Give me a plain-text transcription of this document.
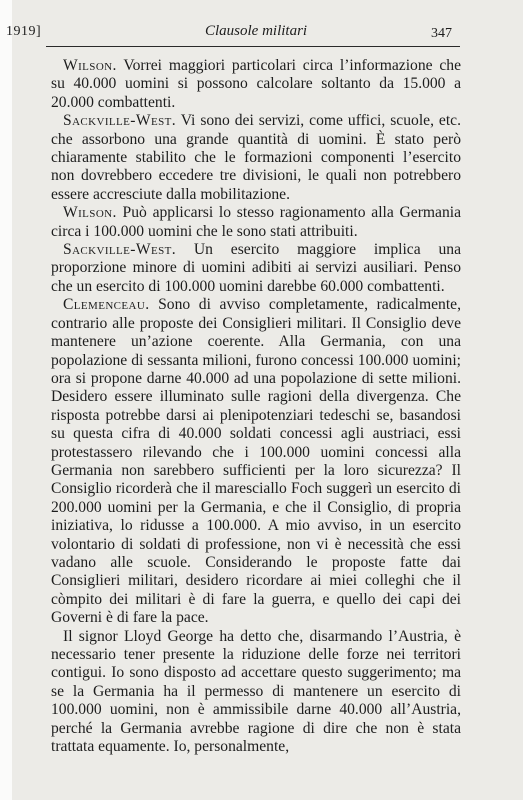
1919]	Clausole militari	347

Wilson. Vorrei maggiori particolari circa l’informazione che su 40.000 uomini si possono calcolare soltanto da 15.000 a 20.000 combattenti.

Sackville-West. Vi sono dei servizi, come uffici, scuole, etc. che assorbono una grande quantità di uomini. È stato però chiaramente stabilito che le formazioni componenti l’esercito non dovrebbero eccedere tre divisioni, le quali non potrebbero essere accresciute dalla mobilitazione.

Wilson. Può applicarsi lo stesso ragionamento alla Germania circa i 100.000 uomini che le sono stati attribuiti.

Sackville-West. Un esercito maggiore implica una proporzione minore di uomini adibiti ai servizi ausiliari. Penso che un esercito di 100.000 uomini darebbe 60.000 combattenti.

Clemenceau. Sono di avviso completamente, radicalmente, contrario alle proposte dei Consiglieri militari. Il Consiglio deve mantenere un’azione coerente. Alla Germania, con una popolazione di sessanta milioni, furono concessi 100.000 uomini; ora si propone darne 40.000 ad una popolazione di sette milioni. Desidero essere illuminato sulle ragioni della divergenza. Che risposta potrebbe darsi ai plenipotenziari tedeschi se, basandosi su questa cifra di 40.000 soldati concessi agli austriaci, essi protestassero rilevando che i 100.000 uomini concessi alla Germania non sarebbero sufficienti per la loro sicurezza? Il Consiglio ricorderà che il maresciallo Foch suggerì un esercito di 200.000 uomini per la Germania, e che il Consiglio, di propria iniziativa, lo ridusse a 100.000. A mio avviso, in un esercito volontario di soldati di professione, non vi è necessità che essi vadano alle scuole. Considerando le proposte fatte dai Consiglieri militari, desidero ricordare ai miei colleghi che il còmpito dei militari è di fare la guerra, e quello dei capi dei Governi è di fare la pace.

Il signor Lloyd George ha detto che, disarmando l’Austria, è necessario tener presente la riduzione delle forze nei territori contigui. Io sono disposto ad accettare questo suggerimento; ma se la Germania ha il permesso di mantenere un esercito di 100.000 uomini, non è ammissibile darne 40.000 all’Austria, perché la Germania avrebbe ragione di dire che non è stata trattata equamente. Io, personalmente,
